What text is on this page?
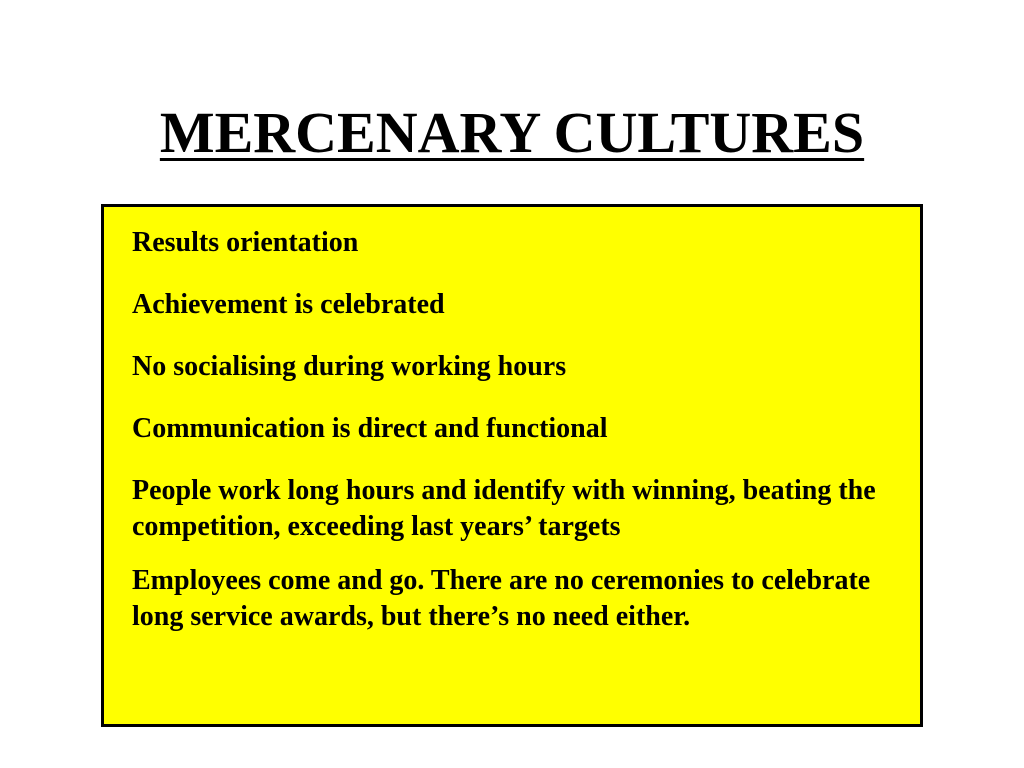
MERCENARY CULTURES
Results orientation
Achievement is celebrated
No socialising during working hours
Communication is direct and functional
People work long hours and identify with winning, beating the competition, exceeding last years’ targets
Employees come and go. There are no ceremonies to celebrate long service awards, but there’s no need either.
